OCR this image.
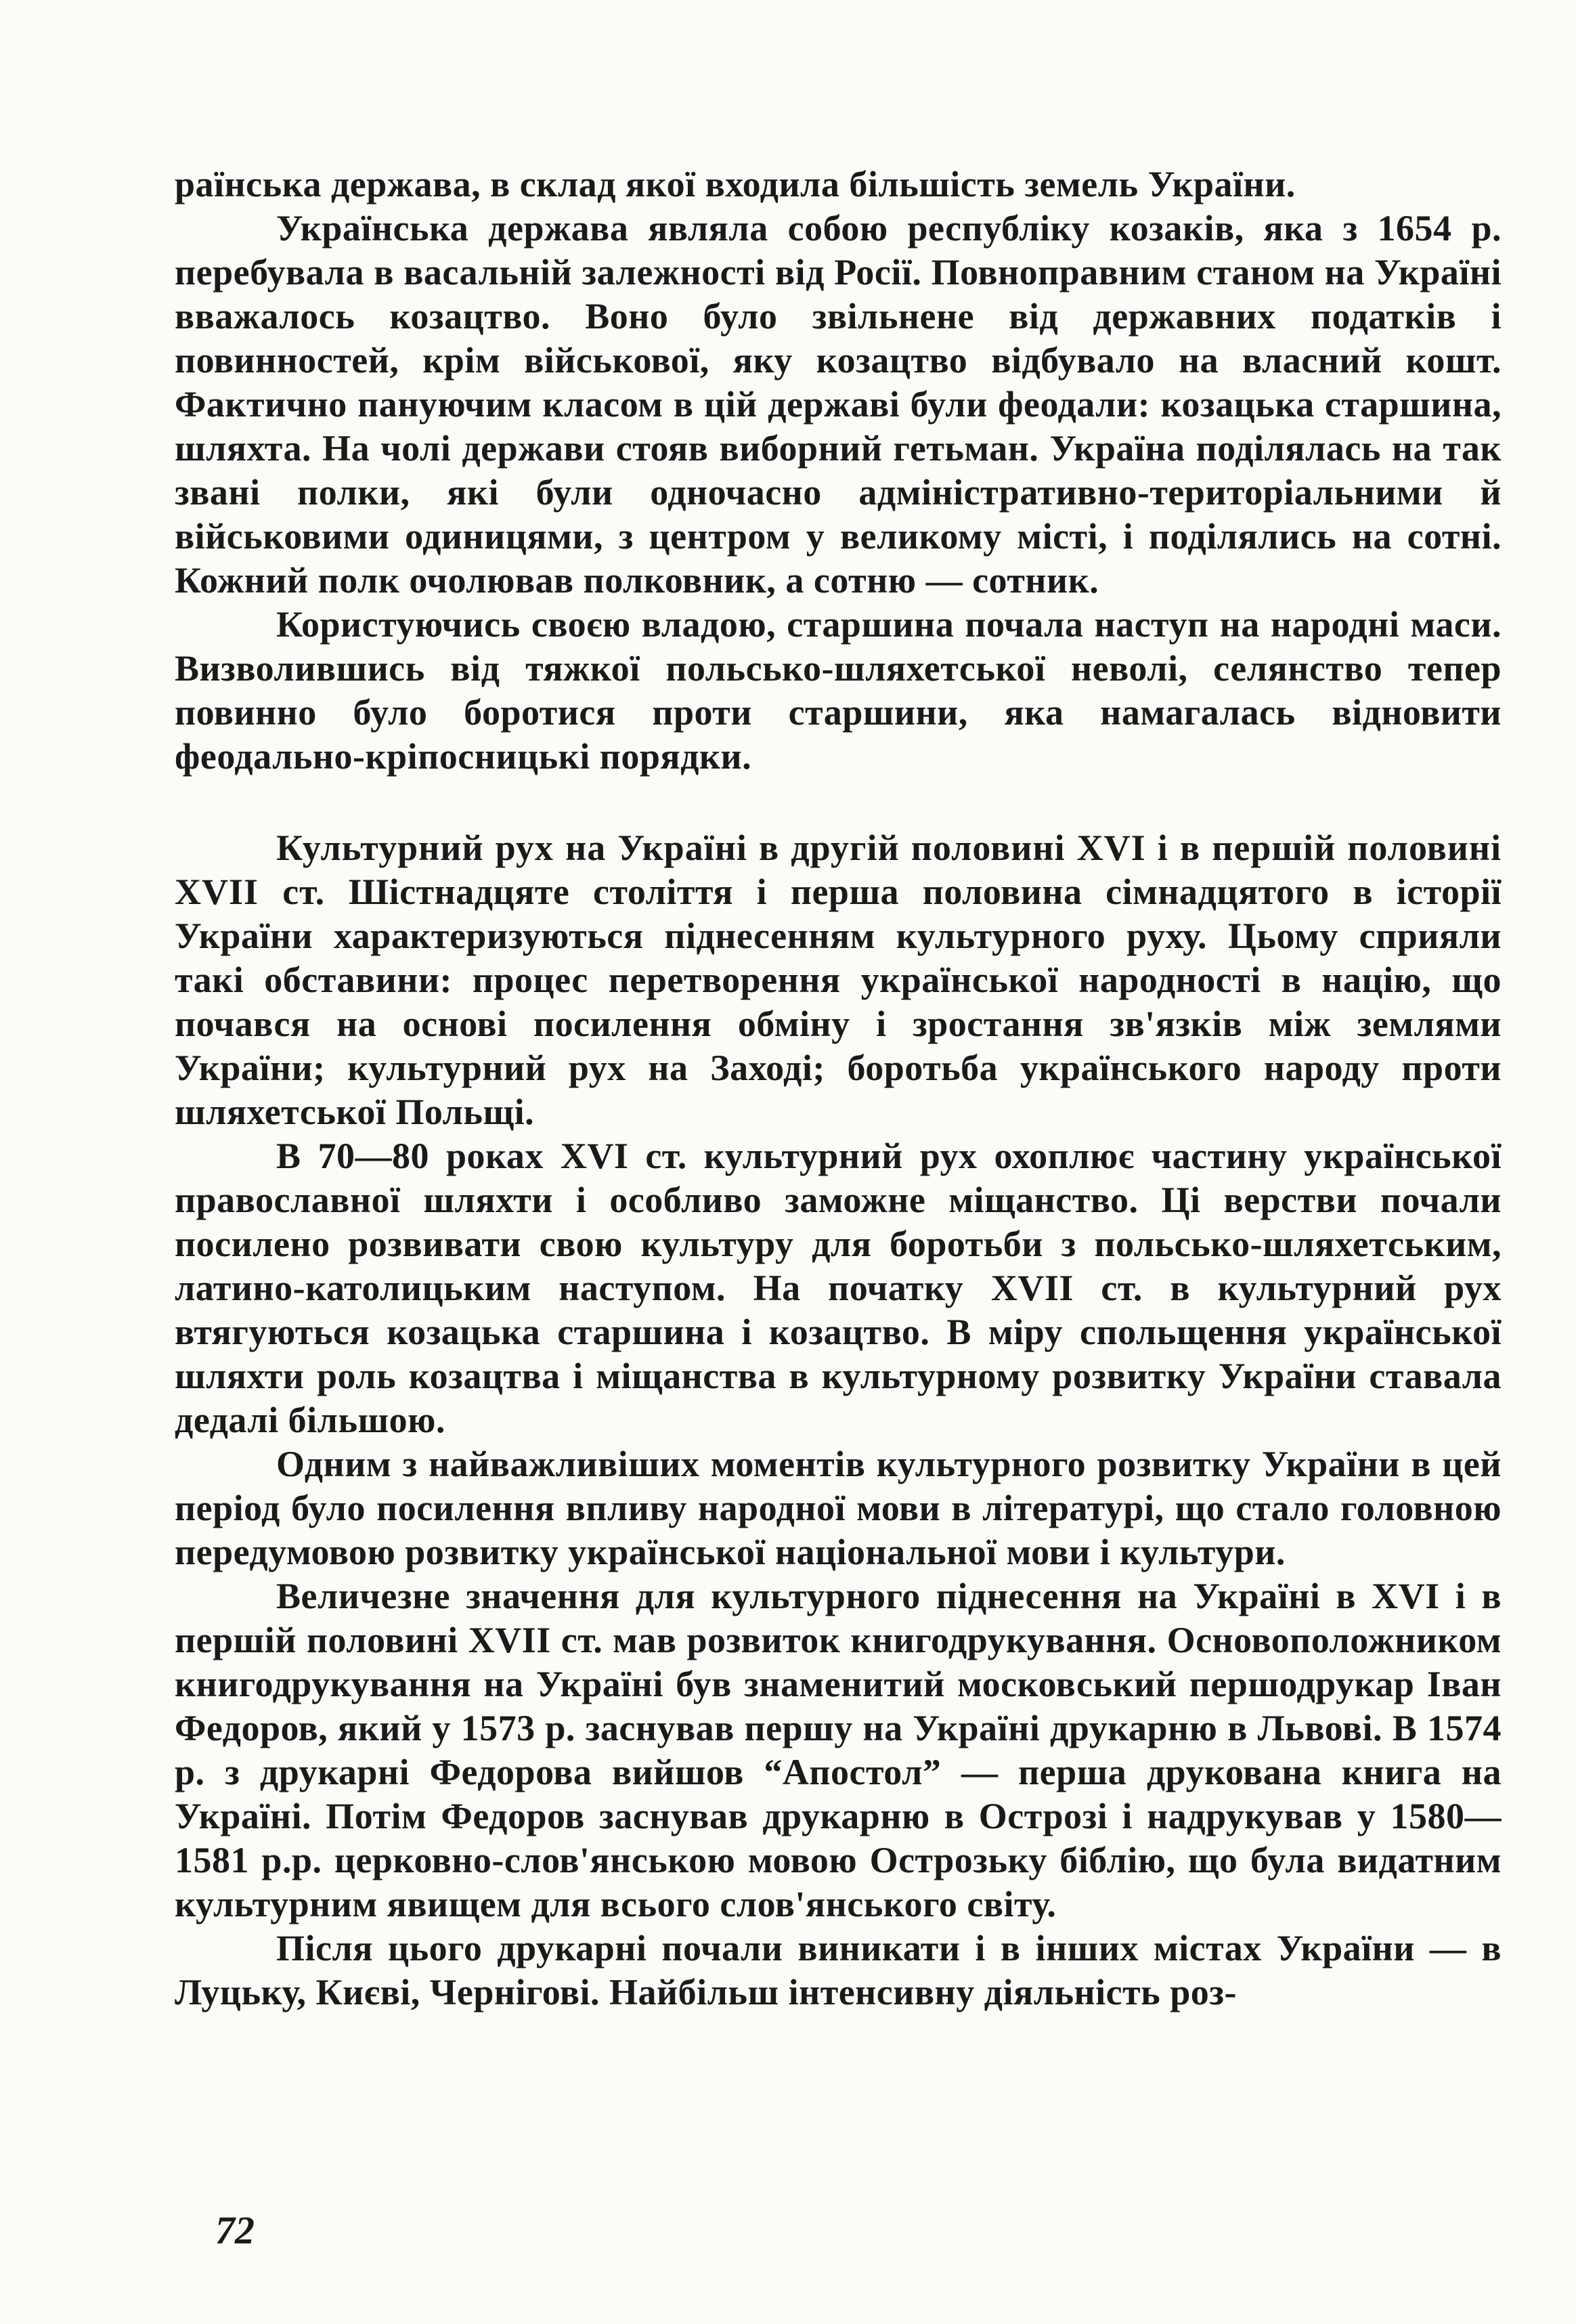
раїнська держава, в склад якої входила більшість земель України.

Українська держава являла собою республіку козаків, яка з 1654 р. перебувала в васальній залежності від Росії. Повноправним станом на Україні вважалось козацтво. Воно було звільнене від державних податків і повинностей, крім військової, яку козацтво відбувало на власний кошт. Фактично пануючим класом в цій державі були феодали: козацька старшина, шляхта. На чолі держави стояв виборний гетьман. Україна поділялась на так звані полки, які були одночасно адміністративно-територіальними й військовими одиницями, з центром у великому місті, і поділялись на сотні. Кожний полк очолював полковник, а сотню — сотник.

Користуючись своєю владою, старшина почала наступ на народні маси. Визволившись від тяжкої польсько-шляхетської неволі, селянство тепер повинно було боротися проти старшини, яка намагалась відновити феодально-кріпосницькі порядки.

Культурний рух на Україні в другій половині XVI і в першій половині XVII ст. Шістнадцяте століття і перша половина сімнадцятого в історії України характеризуються піднесенням культурного руху. Цьому сприяли такі обставини: процес перетворення української народності в націю, що почався на основі посилення обміну і зростання зв'язків між землями України; культурний рух на Заході; боротьба українського народу проти шляхетської Польщі.

В 70—80 роках XVI ст. культурний рух охоплює частину української православної шляхти і особливо заможне міщанство. Ці верстви почали посилено розвивати свою культуру для боротьби з польсько-шляхетським, латино-католицьким наступом. На початку XVII ст. в культурний рух втягуються козацька старшина і козацтво. В міру спольщення української шляхти роль козацтва і міщанства в культурному розвитку України ставала дедалі більшою.

Одним з найважливіших моментів культурного розвитку України в цей період було посилення впливу народної мови в літературі, що стало головною передумовою розвитку української національної мови і культури.

Величезне значення для культурного піднесення на Україні в XVI і в першій половині XVII ст. мав розвиток книгодрукування. Основоположником книгодрукування на Україні був знаменитий московський першодрукар Іван Федоров, який у 1573 р. заснував першу на Україні друкарню в Львові. В 1574 р. з друкарні Федорова вийшов “Апостол” — перша друкована книга на Україні. Потім Федоров заснував друкарню в Острозі і надрукував у 1580—1581 р.р. церковно-слов'янською мовою Острозьку біблію, що була видатним культурним явищем для всього слов'янського світу.

Після цього друкарні почали виникати і в інших містах України — в Луцьку, Києві, Чернігові. Найбільш інтенсивну діяльність роз-

72
